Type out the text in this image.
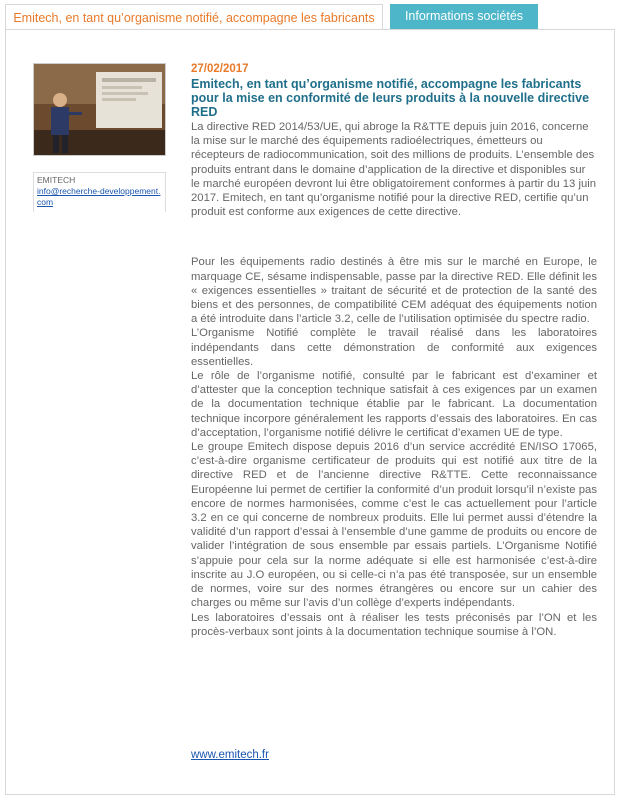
Emitech, en tant qu’organisme notifié, accompagne les fabricants	Informations sociétés
EMITECH
info@recherche-developpement.com
27/02/2017
Emitech, en tant qu’organisme notifié, accompagne les fabricants pour la mise en conformité de leurs produits à la nouvelle directive RED

La directive RED 2014/53/UE, qui abroge la R&TTE depuis juin 2016, concerne la mise sur le marché des équipements radioélectriques, émetteurs ou récepteurs de radiocommunication, soit des millions de produits. L’ensemble des produits entrant dans le domaine d’application de la directive et disponibles sur le marché européen devront lui être obligatoirement conformes à partir du 13 juin 2017. Emitech, en tant qu’organisme notifié pour la directive RED, certifie qu’un produit est conforme aux exigences de cette directive.

Pour les équipements radio destinés à être mis sur le marché en Europe, le marquage CE, sésame indispensable, passe par la directive RED. Elle définit les « exigences essentielles » traitant de sécurité et de protection de la santé des biens et des personnes, de compatibilité CEM adéquat des équipements notion a été introduite dans l’article 3.2, celle de l’utilisation optimisée du spectre radio.

L’Organisme Notifié complète le travail réalisé dans les laboratoires indépendants dans cette démonstration de conformité aux exigences essentielles.

Le rôle de l’organisme notifié, consulté par le fabricant est d’examiner et d’attester que la conception technique satisfait à ces exigences par un examen de la documentation technique établie par le fabricant. La documentation technique incorpore généralement les rapports d’essais des laboratoires. En cas d’acceptation, l’organisme notifié délivre le certificat d’examen UE de type.

Le groupe Emitech dispose depuis 2016 d’un service accrédité EN/ISO 17065, c’est-à-dire organisme certificateur de produits qui est notifié aux titre de la directive RED et de l’ancienne directive R&TTE. Cette reconnaissance Européenne lui permet de certifier la conformité d’un produit lorsqu’il n’existe pas encore de normes harmonisées, comme c’est le cas actuellement pour l’article 3.2 en ce qui concerne de nombreux produits. Elle lui permet aussi d’étendre la validité d’un rapport d’essai à l’ensemble d’une gamme de produits ou encore de valider l’intégration de sous ensemble par essais partiels. L’Organisme Notifié s’appuie pour cela sur la norme adéquate si elle est harmonisée c’est-à-dire inscrite au J.O européen, ou si celle-ci n’a pas été transposée, sur un ensemble de normes, voire sur des normes étrangères ou encore sur un cahier des charges ou même sur l’avis d’un collège d’experts indépendants.

Les laboratoires d’essais ont à réaliser les tests préconisés par l’ON et les procès-verbaux sont joints à la documentation technique soumise à l’ON.

www.emitech.fr
